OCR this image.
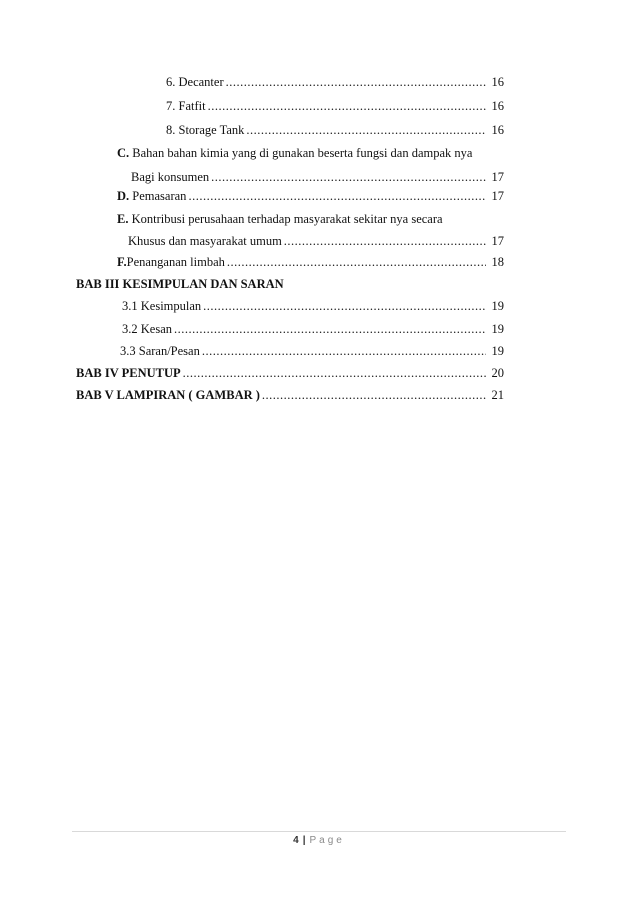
6. Decanter .....	16
7. Fatfit .....	16
8. Storage Tank .....	16
C. Bahan bahan kimia yang di gunakan beserta fungsi dan dampak nya
Bagi konsumen .....	17
D. Pemasaran .....	17
E. Kontribusi perusahaan terhadap masyarakat sekitar nya secara
Khusus dan masyarakat umum .....	17
F.Penanganan limbah .....	18
BAB III KESIMPULAN DAN SARAN
3.1 Kesimpulan .....	19
3.2 Kesan .....	19
3.3 Saran/Pesan .....	19
BAB IV PENUTUP .....	20
BAB V LAMPIRAN ( GAMBAR ) .....	21
4 | Page
